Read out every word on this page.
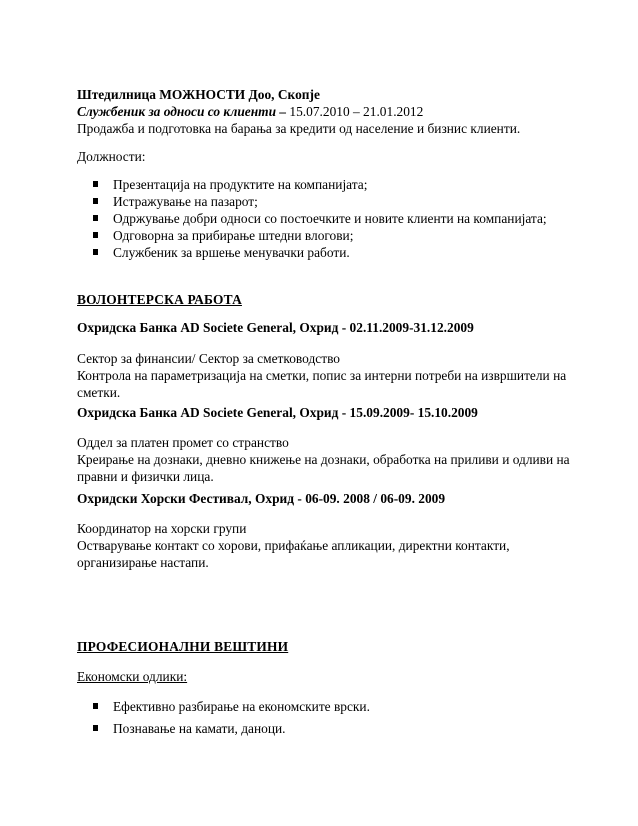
Штедилница МОЖНОСТИ Доо, Скопје
Службеник за односи со клиенти – 15.07.2010 – 21.01.2012
Продажба и подготовка на барања за кредити од население и бизнис клиенти.
Должности:
Презентација на продуктите на компанијата;
Истражување на пазарот;
Одржување добри односи со постоечките и новите клиенти на компанијата;
Одговорна за прибирање штедни влогови;
Службеник за вршење менувачки работи.
ВОЛОНТЕРСКА РАБОТА
Охридска Банка AD Societe General, Охрид - 02.11.2009-31.12.2009
Сектор за финансии/ Сектор за сметководство
Контрола на параметризација на сметки, попис за интерни потреби на извршители на сметки.
Охридска Банка AD Societe General, Охрид - 15.09.2009- 15.10.2009
Оддел за платен промет со странство
Креирање на дознаки, дневно книжење на дознаки, обработка на приливи и одливи на правни и физички лица.
Охридски Хорски Фестивал, Охрид - 06-09. 2008 / 06-09. 2009
Координатор на хорски групи
Остварување контакт со хорови, прифаќање апликации, директни контакти, организирање настапи.
ПРОФЕСИОНАЛНИ ВЕШТИНИ
Економски одлики:
Ефективно разбирање на економските врски.
Познавање на камати, даноци.
